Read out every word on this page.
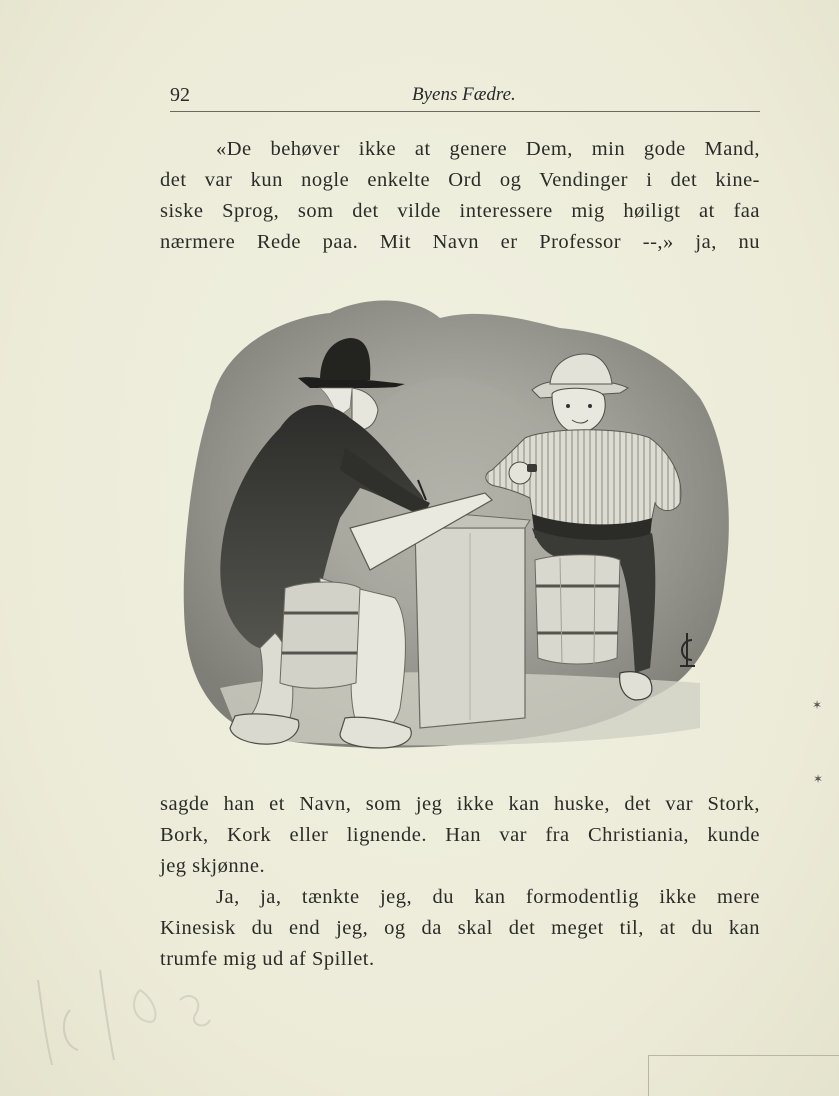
92	Byens Fædre.
«De behøver ikke at genere Dem, min gode Mand,
det var kun nogle enkelte Ord og Vendinger i det kine-
siske Sprog, som det vilde interessere mig høiligt at faa
nærmere Rede paa. Mit Navn er Professor --,» ja, nu
sagde han et Navn, som jeg ikke kan huske, det var Stork,
Bork, Kork eller lignende. Han var fra Christiania, kunde
jeg skjønne.
Ja, ja, tænkte jeg, du kan formodentlig ikke mere
Kinesisk du end jeg, og da skal det meget til, at du kan
trumfe mig ud af Spillet.
✶
✶
